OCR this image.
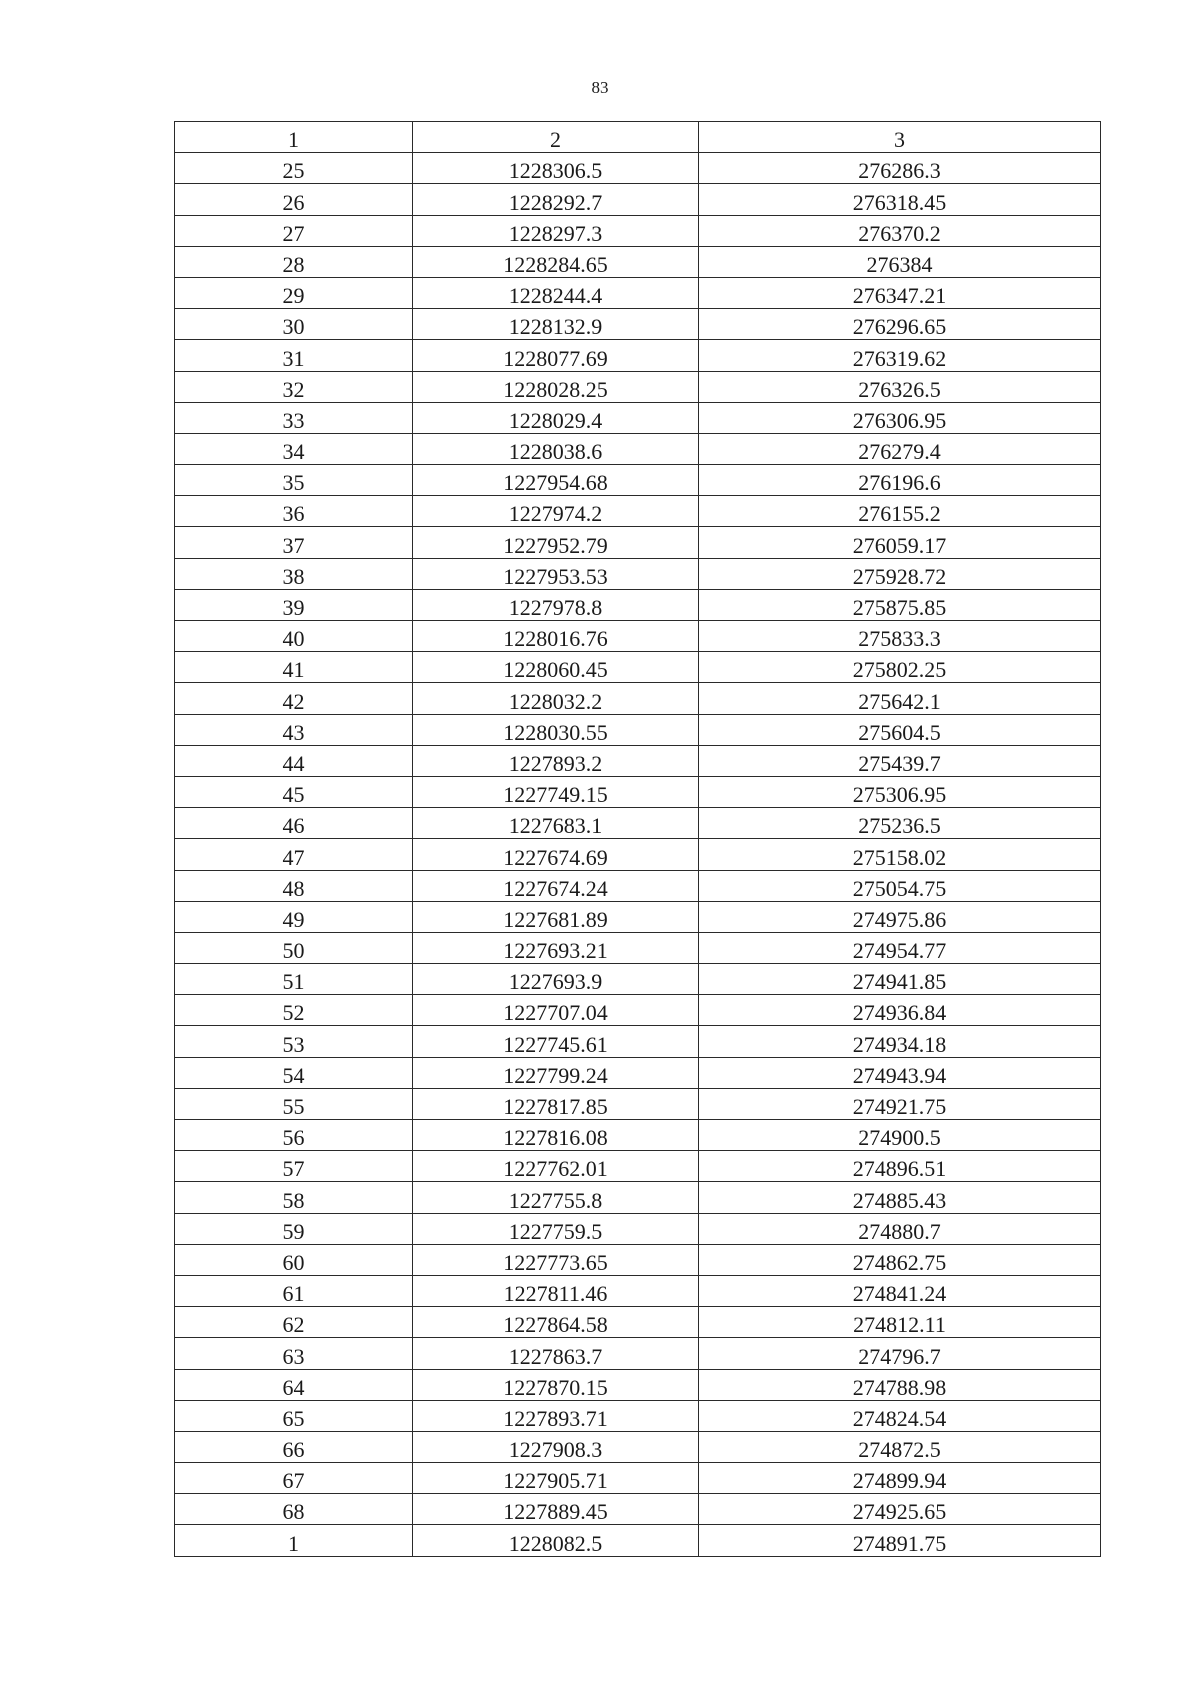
83
1	2	3
25	1228306.5	276286.3
26	1228292.7	276318.45
27	1228297.3	276370.2
28	1228284.65	276384
29	1228244.4	276347.21
30	1228132.9	276296.65
31	1228077.69	276319.62
32	1228028.25	276326.5
33	1228029.4	276306.95
34	1228038.6	276279.4
35	1227954.68	276196.6
36	1227974.2	276155.2
37	1227952.79	276059.17
38	1227953.53	275928.72
39	1227978.8	275875.85
40	1228016.76	275833.3
41	1228060.45	275802.25
42	1228032.2	275642.1
43	1228030.55	275604.5
44	1227893.2	275439.7
45	1227749.15	275306.95
46	1227683.1	275236.5
47	1227674.69	275158.02
48	1227674.24	275054.75
49	1227681.89	274975.86
50	1227693.21	274954.77
51	1227693.9	274941.85
52	1227707.04	274936.84
53	1227745.61	274934.18
54	1227799.24	274943.94
55	1227817.85	274921.75
56	1227816.08	274900.5
57	1227762.01	274896.51
58	1227755.8	274885.43
59	1227759.5	274880.7
60	1227773.65	274862.75
61	1227811.46	274841.24
62	1227864.58	274812.11
63	1227863.7	274796.7
64	1227870.15	274788.98
65	1227893.71	274824.54
66	1227908.3	274872.5
67	1227905.71	274899.94
68	1227889.45	274925.65
1	1228082.5	274891.75
